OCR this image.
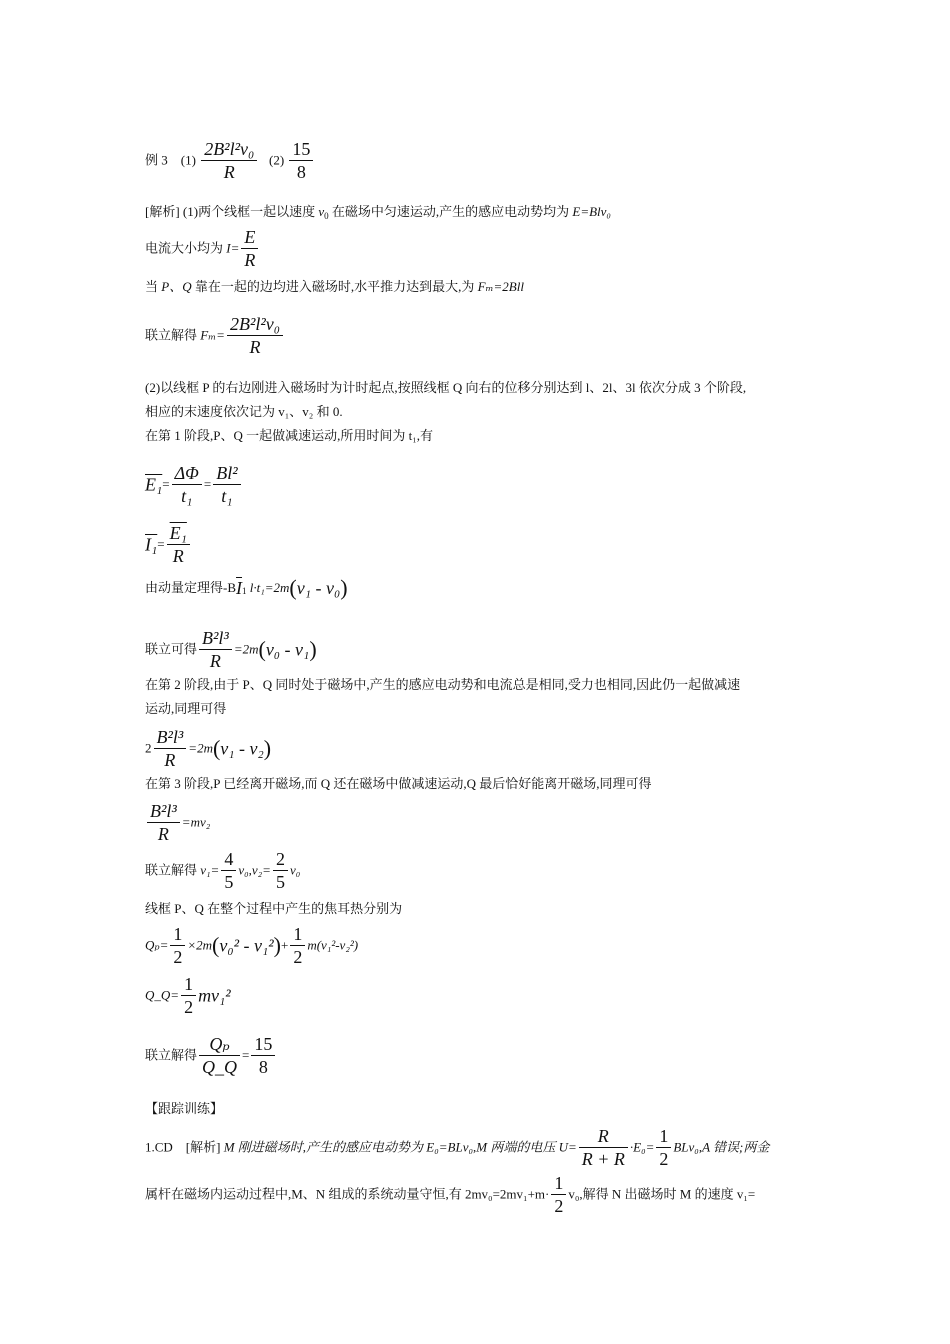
例 3 $(1) \frac{\text{2B²l²v₀}}{R} (2) \frac{15}{8}$
[解析] (1)两个线框一起以速度 $v_0$ 在磁场中匀速运动,产生的感应电动势均为 E=Blv₀
电流大小均为 $I= \frac{E}{R}$
当 P、Q 靠在一起的边均进入磁场时,水平推力达到最大,为 Fₘ=2Bll
联立解得 $F_m= \frac{\text{2B²l²v₀}}{R}$
(2)以线框 P 的右边刚进入磁场时为计时起点,按照线框 Q 向右的位移分别达到 l、2l、3l 依次分成 3 个阶段,
相应的末速度依次记为 v₁、v₂ 和 0.
在第 1 阶段,P、Q 一起做减速运动,所用时间为 t₁,有
$E_1= \frac{\Delta\Phi}{\text{t₁}} = \frac{\text{Bl²}}{\text{t₁}}$
$I_1= \frac{\text{E₁}}{R}$
由动量定理得$-B\overline{I}_1$ l·t₁=2m(v₁ - v₀)
联立可得 $\frac{\text{B²l³}}{R} =2m(v_0 - v_1)$
在第 2 阶段,由于 P、Q 同时处于磁场中,产生的感应电动势和电流总是相同,受力也相同,因此仍一起做减速
运动,同理可得
$2 \frac{\text{B²l³}}{R} =2m(v_1 - v_2)$
在第 3 阶段,P 已经离开磁场,而 Q 还在磁场中做减速运动,Q 最后恰好能离开磁场,同理可得
$\frac{\text{B²l³}}{R} =mv_2$
联立解得 $v_1= \frac{4}{5} v_0,v_2= \frac{2}{5} v_0$
线框 P、Q 在整个过程中产生的焦耳热分别为
$Q_p= \frac{1}{2} \times 2m(v_0^2 - v_1^2)+ \frac{1}{2} m(v_1^2-v_2^2)$
Q_Q= $\frac{1}{2} mv_1^2$
联立解得 $\frac{\text{Qₚ}}{Q\_Q} = \frac{15}{8}$
【跟踪训练】
1.CD　[解析] M 刚进磁场时,产生的感应电动势为 E₀=BLv₀,M 两端的电压 $U= \frac{R}{R + R} \cdot E_0= \frac{1}{2} BLv_0,A$ 错误;两金
属杆在磁场内运动过程中,M、N 组成的系统动量守恒,有 $2mv_0=2mv_1+m\cdot \frac{1}{2} v_0$,解得 N 出磁场时 M 的速度 v₁=
